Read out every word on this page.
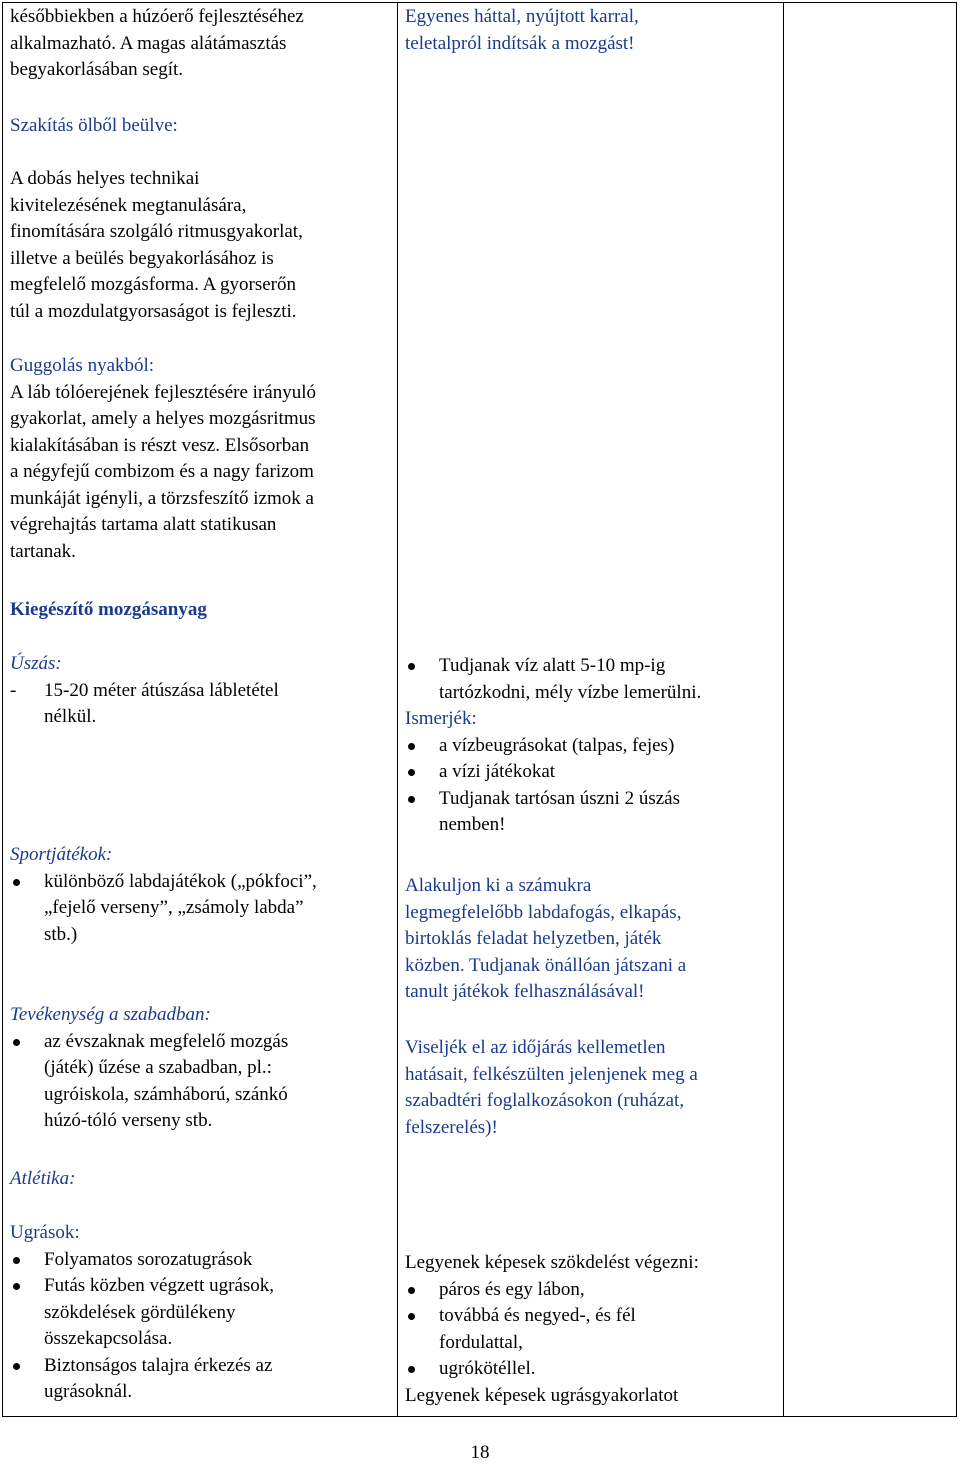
későbbiekben a húzóerő fejlesztéséhez

alkalmazható. A magas alátámasztás

begyakorlásában segít.

Szakítás ölből beülve:

A dobás helyes technikai

kivitelezésének megtanulására,

finomítására szolgáló ritmusgyakorlat,

illetve a beülés begyakorlásához is

megfelelő mozgásforma. A gyorserőn

túl a mozdulatgyorsaságot is fejleszti.

Guggolás nyakból:

A láb tólóerejének fejlesztésére irányuló

gyakorlat, amely a helyes mozgásritmus

kialakításában is részt vesz. Elsősorban

a négyfejű combizom és a nagy farizom

munkáját igényli, a törzsfeszítő izmok a

végrehajtás tartama alatt statikusan

tartanak.

Kiegészítő mozgásanyag

Úszás:

- 15-20 méter átúszása lábletétel
nélkül.

Sportjátékok:

különböző labdajátékok („pókfoci”,
„fejelő verseny”, „zsámoly labda”
stb.)

Tevékenység a szabadban:

az évszaknak megfelelő mozgás
(játék) űzése a szabadban, pl.:
ugróiskola, számháború, szánkó
húzó-tóló verseny stb.

Atlétika:

Ugrások:

Folyamatos sorozatugrások
Futás közben végzett ugrások,
szökdelések gördülékeny
összekapcsolása.
Biztonságos talajra érkezés az
ugrásoknál.

Egyenes háttal, nyújtott karral,

teletalpról indítsák a mozgást!

Tudjanak víz alatt 5-10 mp-ig
tartózkodni, mély vízbe lemerülni.

Ismerjék:

a vízbeugrásokat (talpas, fejes)
a vízi játékokat
Tudjanak tartósan úszni 2 úszás
nemben!

Alakuljon ki a számukra

legmegfelelőbb labdafogás, elkapás,

birtoklás feladat helyzetben, játék

közben. Tudjanak önállóan játszani a

tanult játékok felhasználásával!

Viseljék el az időjárás kellemetlen

hatásait, felkészülten jelenjenek meg a

szabadtéri foglalkozásokon (ruházat,

felszerelés)!

Legyenek képesek szökdelést végezni:

páros és egy lábon,
továbbá és negyed-, és fél
fordulattal,
ugrókötéllel.

Legyenek képesek ugrásgyakorlatot

18
